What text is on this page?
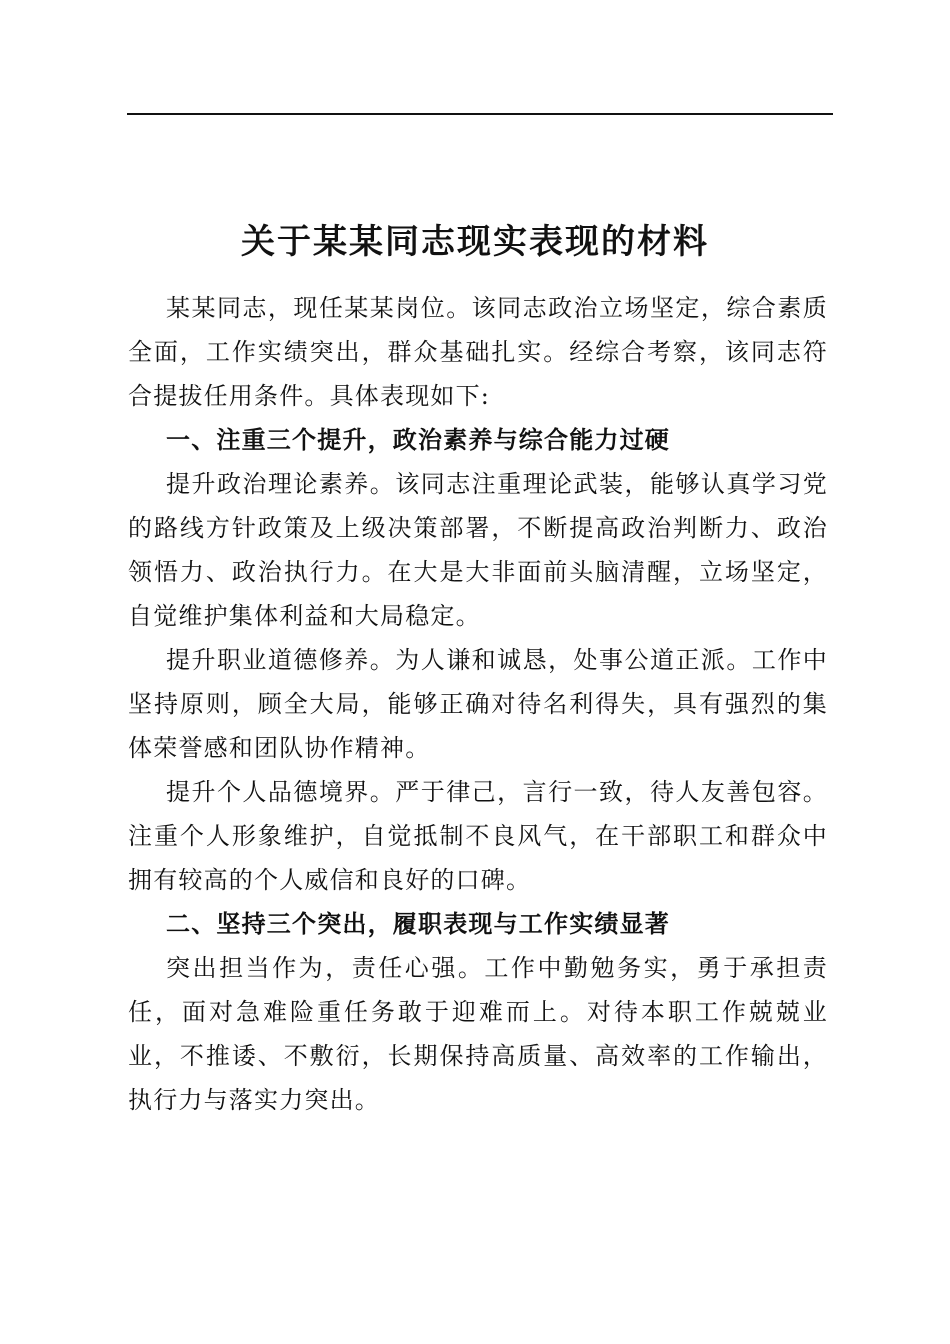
关于某某同志现实表现的材料

某某同志，现任某某岗位。该同志政治立场坚定，综合素质全面，工作实绩突出，群众基础扎实。经综合考察，该同志符合提拔任用条件。具体表现如下:

一、注重三个提升，政治素养与综合能力过硬

提升政治理论素养。该同志注重理论武装，能够认真学习党的路线方针政策及上级决策部署，不断提高政治判断力、政治领悟力、政治执行力。在大是大非面前头脑清醒，立场坚定，自觉维护集体利益和大局稳定。

提升职业道德修养。为人谦和诚恳，处事公道正派。工作中坚持原则，顾全大局，能够正确对待名利得失，具有强烈的集体荣誉感和团队协作精神。

提升个人品德境界。严于律己，言行一致，待人友善包容。注重个人形象维护，自觉抵制不良风气，在干部职工和群众中拥有较高的个人威信和良好的口碑。

二、坚持三个突出，履职表现与工作实绩显著

突出担当作为，责任心强。工作中勤勉务实，勇于承担责任，面对急难险重任务敢于迎难而上。对待本职工作兢兢业业，不推诿、不敷衍，长期保持高质量、高效率的工作输出，执行力与落实力突出。
